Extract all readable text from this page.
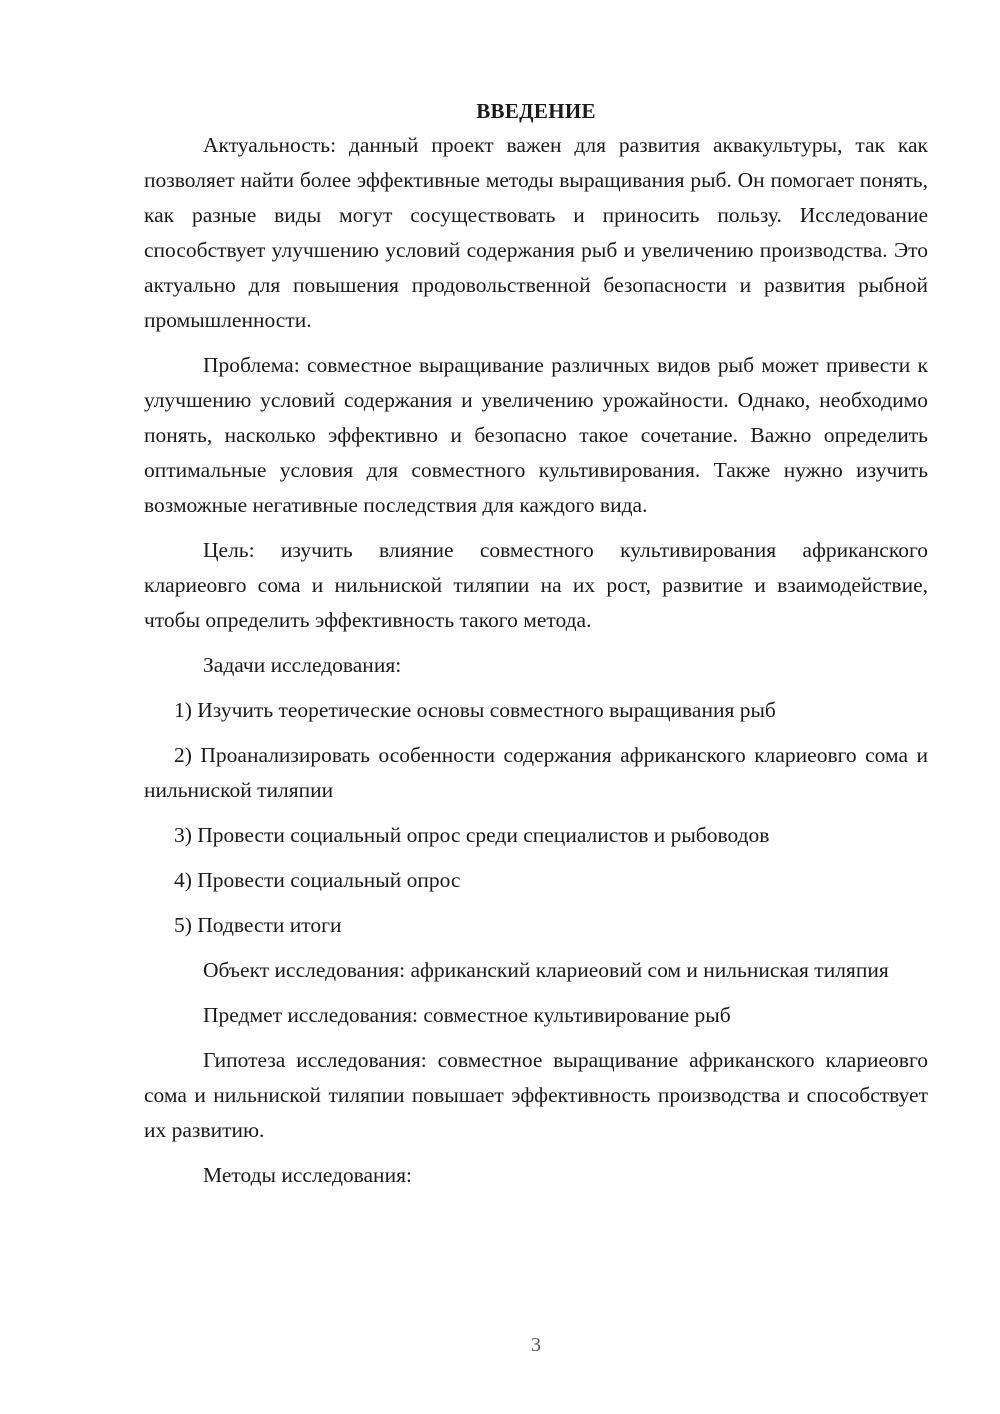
ВВЕДЕНИЕ

Актуальность: данный проект важен для развития аквакультуры, так как позволяет найти более эффективные методы выращивания рыб. Он помогает понять, как разные виды могут сосуществовать и приносить пользу. Исследование способствует улучшению условий содержания рыб и увеличению производства. Это актуально для повышения продовольственной безопасности и развития рыбной промышленности.

Проблема: совместное выращивание различных видов рыб может привести к улучшению условий содержания и увеличению урожайности. Однако, необходимо понять, насколько эффективно и безопасно такое сочетание. Важно определить оптимальные условия для совместного культивирования. Также нужно изучить возможные негативные последствия для каждого вида.

Цель: изучить влияние совместного культивирования африканского клариеовго сома и нильниской тиляпии на их рост, развитие и взаимодействие, чтобы определить эффективность такого метода.

Задачи исследования:

1) Изучить теоретические основы совместного выращивания рыб

2) Проанализировать особенности содержания африканского клариеовго сома и нильниской тиляпии

3) Провести социальный опрос среди специалистов и рыбоводов

4) Провести социальный опрос

5) Подвести итоги

Объект исследования: африканский клариеовий сом и нильниская тиляпия

Предмет исследования: совместное культивирование рыб

Гипотеза исследования: совместное выращивание африканского клариеовго сома и нильниской тиляпии повышает эффективность производства и способствует их развитию.

Методы исследования:

3
